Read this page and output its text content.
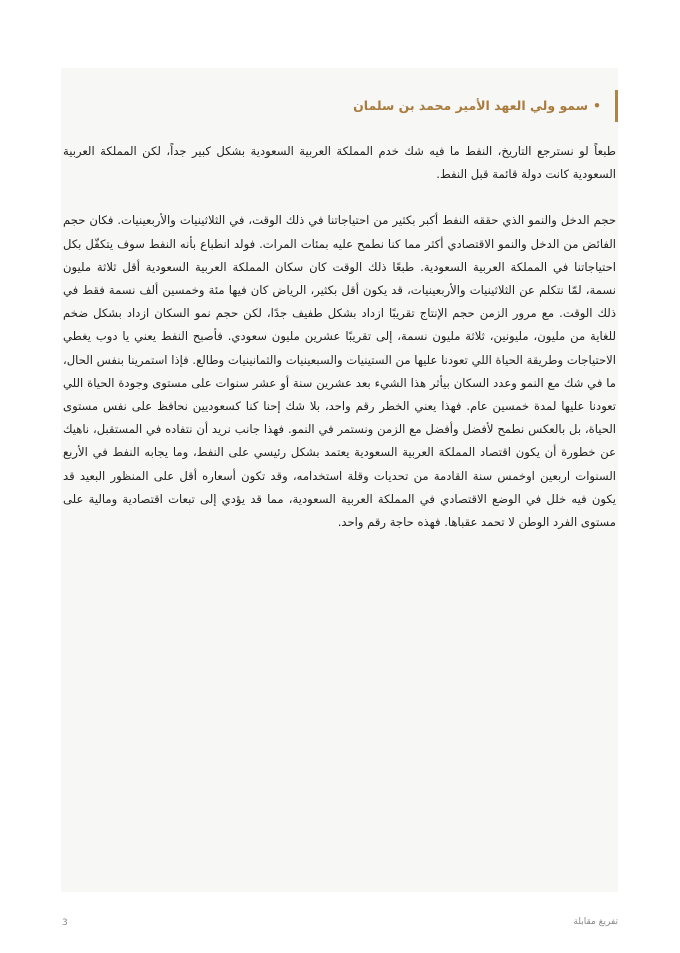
•سمو ولي العهد الأمير محمد بن سلمان

طبعاً لو نسترجع التاريخ، النفط ما فيه شك خدم المملكة العربية السعودية بشكل كبير جداً، لكن المملكة العربية السعودية كانت دولة قائمة قبل النفط.

حجم الدخل والنمو الذي حققه النفط أكبر بكثير من احتياجاتنا في ذلك الوقت، في الثلاثينيات والأربعينيات. فكان حجم الفائض من الدخل والنمو الاقتصادي أكثر مما كنا نطمح عليه بمئات المرات. فولد انطباع بأنه النفط سوف يتكفّل بكل احتياجاتنا في المملكة العربية السعودية. طبعًا ذلك الوقت كان سكان المملكة العربية السعودية أقل ثلاثة مليون نسمة، لمّا نتكلم عن الثلاثينيات والأربعينيات، قد يكون أقل بكثير، الرياض كان فيها مئة وخمسين ألف نسمة فقط في ذلك الوقت. مع مرور الزمن حجم الإنتاج تقريبًا ازداد بشكل طفيف جدًا، لكن حجم نمو السكان ازداد بشكل ضخم للغاية من مليون، مليونين، ثلاثة مليون نسمة، إلى تقريبًا عشرين مليون سعودي. فأصبح النفط يعني يا دوب يغطي الاحتياجات وطريقة الحياة اللي تعودنا عليها من الستينيات والسبعينيات والثمانينيات وطالع. فإذا استمرينا بنفس الحال، ما في شك مع النمو وعدد السكان بيأثر هذا الشيء بعد عشرين سنة أو عشر سنوات على مستوى وجودة الحياة اللي تعودنا عليها لمدة خمسين عام. فهذا يعني الخطر رقم واحد، بلا شك إحنا كنا كسعوديين نحافظ على نفس مستوى الحياة، بل بالعكس نطمح لأفضل وأفضل مع الزمن ونستمر في النمو. فهذا جانب نريد أن نتفاده في المستقبل، ناهيك عن خطورة أن يكون اقتصاد المملكة العربية السعودية يعتمد بشكل رئيسي على النفط، وما يجابه النفط في الأربع السنوات اربعين اوخمس سنة القادمة من تحديات وقلة استخدامه، وقد تكون أسعاره أقل على المنظور البعيد قد يكون فيه خلل في الوضع الاقتصادي في المملكة العربية السعودية، مما قد يؤدي إلى تبعات اقتصادية ومالية على مستوى الفرد الوطن لا تحمد عقباها. فهذه حاجة رقم واحد.

3	تفريغ مقابلة
